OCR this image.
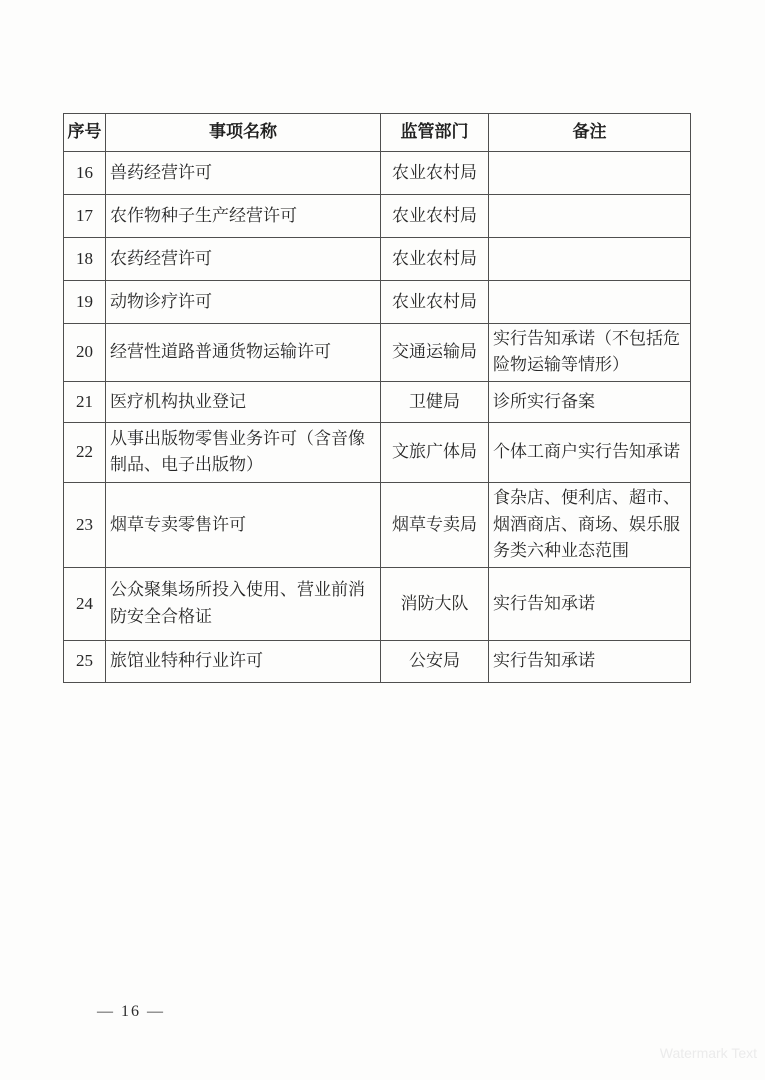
序号	事项名称	监管部门	备注
16	兽药经营许可	农业农村局	
17	农作物种子生产经营许可	农业农村局	
18	农药经营许可	农业农村局	
19	动物诊疗许可	农业农村局	
20	经营性道路普通货物运输许可	交通运输局	实行告知承诺（不包括危险物运输等情形）
21	医疗机构执业登记	卫健局	诊所实行备案
22	从事出版物零售业务许可（含音像制品、电子出版物）	文旅广体局	个体工商户实行告知承诺
23	烟草专卖零售许可	烟草专卖局	食杂店、便利店、超市、烟酒商店、商场、娱乐服务类六种业态范围
24	公众聚集场所投入使用、营业前消防安全合格证	消防大队	实行告知承诺
25	旅馆业特种行业许可	公安局	实行告知承诺
— 16 —
Watermark Text
